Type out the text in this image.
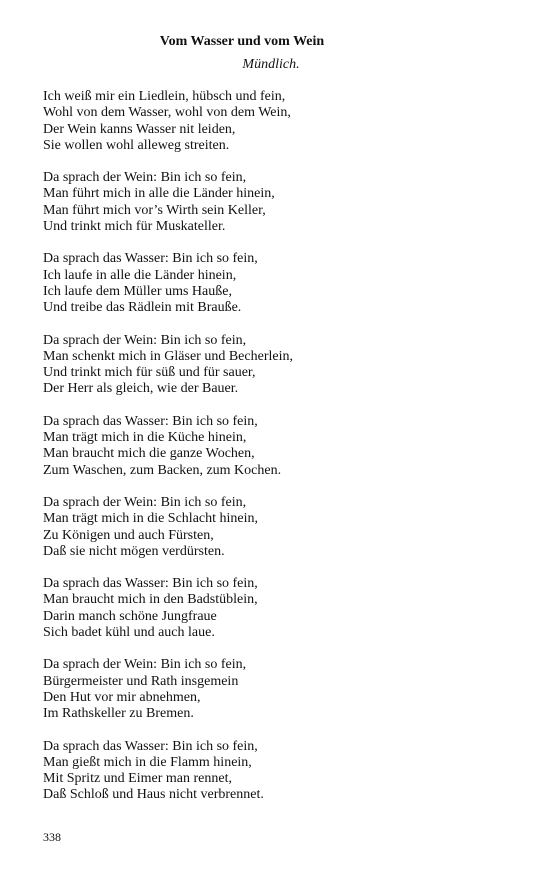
Vom Wasser und vom Wein
Mündlich.
Ich weiß mir ein Liedlein, hübsch und fein,
Wohl von dem Wasser, wohl von dem Wein,
Der Wein kanns Wasser nit leiden,
Sie wollen wohl alleweg streiten.
Da sprach der Wein: Bin ich so fein,
Man führt mich in alle die Länder hinein,
Man führt mich vor’s Wirth sein Keller,
Und trinkt mich für Muskateller.
Da sprach das Wasser: Bin ich so fein,
Ich laufe in alle die Länder hinein,
Ich laufe dem Müller ums Hauße,
Und treibe das Rädlein mit Brauße.
Da sprach der Wein: Bin ich so fein,
Man schenkt mich in Gläser und Becherlein,
Und trinkt mich für süß und für sauer,
Der Herr als gleich, wie der Bauer.
Da sprach das Wasser: Bin ich so fein,
Man trägt mich in die Küche hinein,
Man braucht mich die ganze Wochen,
Zum Waschen, zum Backen, zum Kochen.
Da sprach der Wein: Bin ich so fein,
Man trägt mich in die Schlacht hinein,
Zu Königen und auch Fürsten,
Daß sie nicht mögen verdürsten.
Da sprach das Wasser: Bin ich so fein,
Man braucht mich in den Badstüblein,
Darin manch schöne Jungfraue
Sich badet kühl und auch laue.
Da sprach der Wein: Bin ich so fein,
Bürgermeister und Rath insgemein
Den Hut vor mir abnehmen,
Im Rathskeller zu Bremen.
Da sprach das Wasser: Bin ich so fein,
Man gießt mich in die Flamm hinein,
Mit Spritz und Eimer man rennet,
Daß Schloß und Haus nicht verbrennet.
338
